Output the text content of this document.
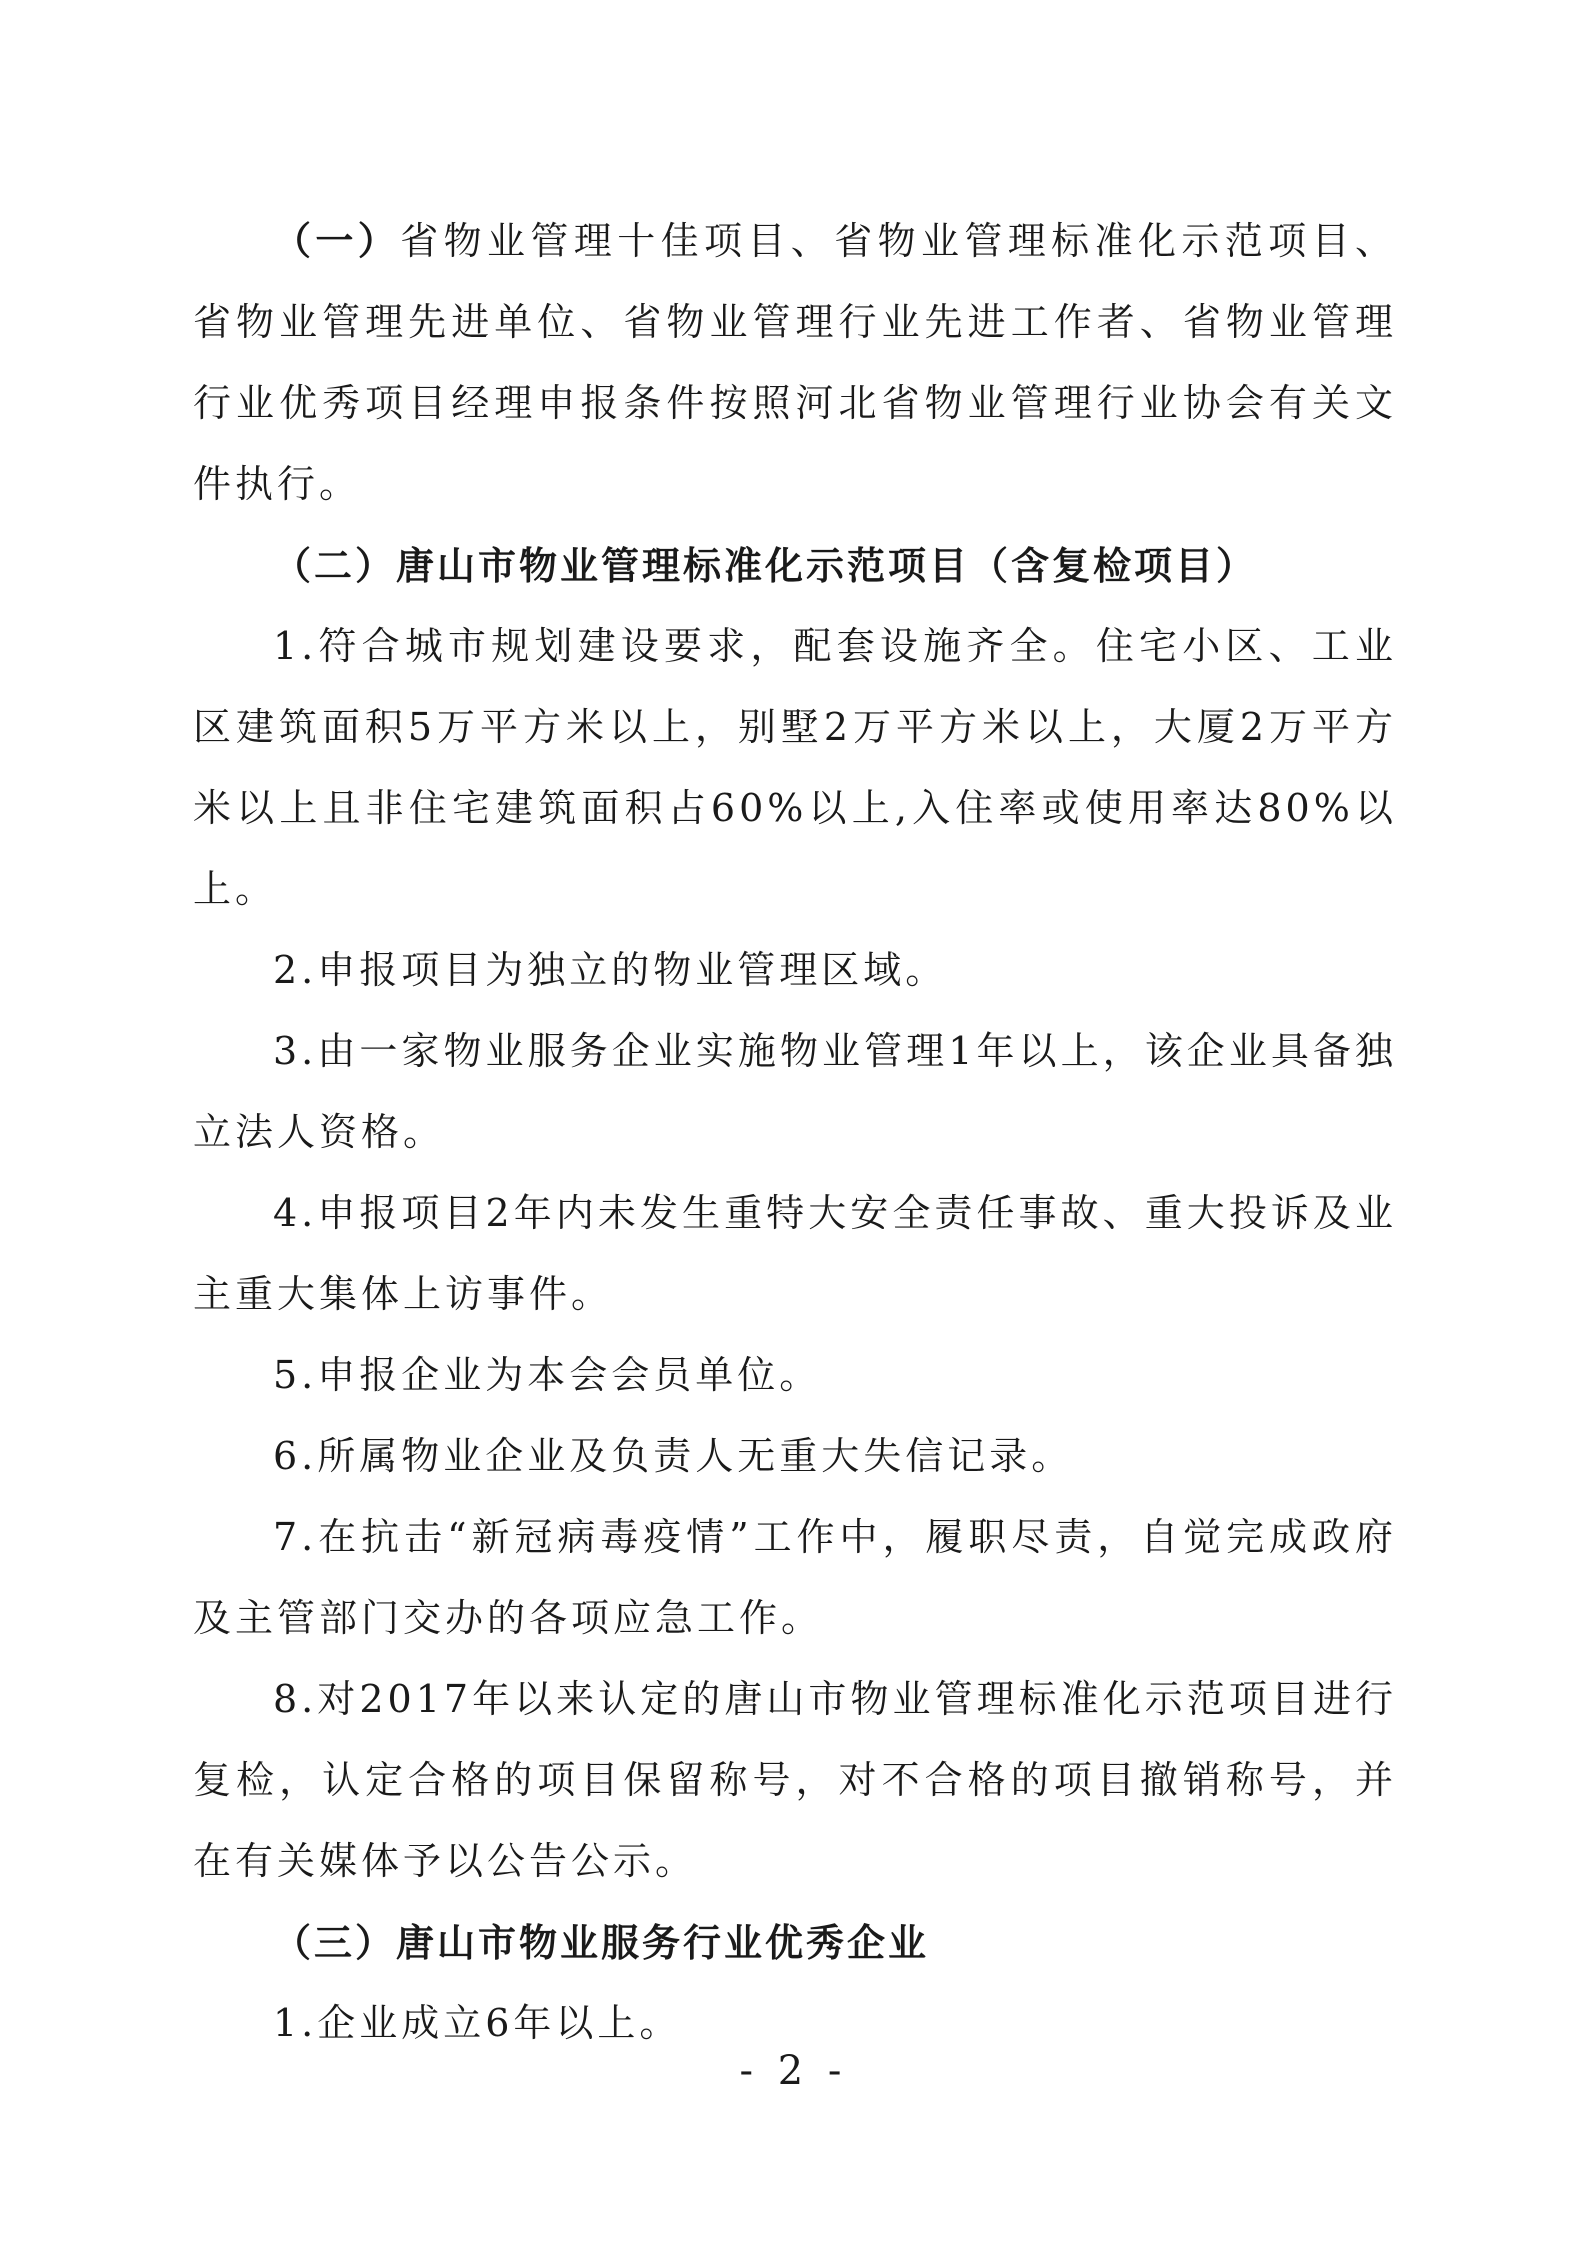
（一）省物业管理十佳项目、省物业管理标准化示范项目、省物业管理先进单位、省物业管理行业先进工作者、省物业管理行业优秀项目经理申报条件按照河北省物业管理行业协会有关文件执行。

（二）唐山市物业管理标准化示范项目（含复检项目）

1.符合城市规划建设要求，配套设施齐全。住宅小区、工业区建筑面积5万平方米以上，别墅2万平方米以上，大厦2万平方米以上且非住宅建筑面积占60%以上,入住率或使用率达80%以上。

2.申报项目为独立的物业管理区域。

3.由一家物业服务企业实施物业管理1年以上，该企业具备独立法人资格。

4.申报项目2年内未发生重特大安全责任事故、重大投诉及业主重大集体上访事件。

5.申报企业为本会会员单位。

6.所属物业企业及负责人无重大失信记录。

7.在抗击“新冠病毒疫情”工作中，履职尽责，自觉完成政府及主管部门交办的各项应急工作。

8.对2017年以来认定的唐山市物业管理标准化示范项目进行复检，认定合格的项目保留称号，对不合格的项目撤销称号，并在有关媒体予以公告公示。

（三）唐山市物业服务行业优秀企业

1.企业成立6年以上。

- 2 -
